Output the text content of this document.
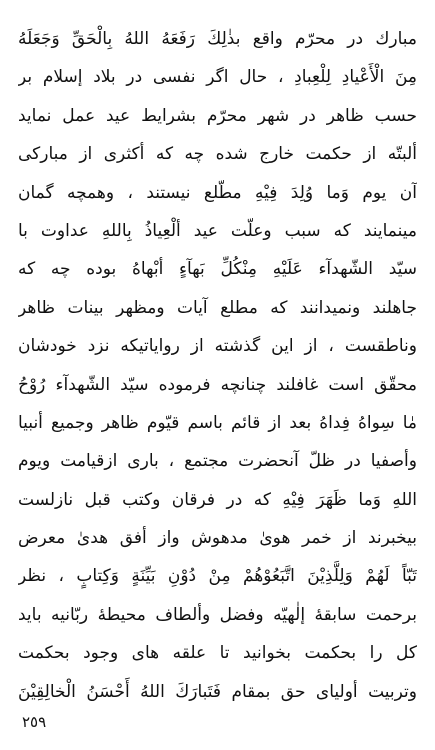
مبارك در محرّم واقع بذٰلِكَ رَفَعَهُ اللهُ بِالْحَقِّ وَجَعَلَهُ
مِنَ الْأَعْيادِ لِلْعِبادِ ، حال اگر نفسى در بلاد إسلام بر
حسب ظاهر در شهر محرّم بشرايط عيد عمل نمايد
ألبتّه از حكمت خارج شده چه كه أكثرى از مباركى
آن يوم وَما وُلِدَ فِيْهِ مطّلع نيستند ، وهمچه گمان
مينمايند كه سبب وعلّت عيد ألْعِياذُ بِاللهِ عداوت با
سيّد الشّهدآء عَلَيْهِ مِنْكُلِّ بَهآءٍ أبْهاهُ بوده چه كه
جاهلند ونميدانند كه مطلع آيات ومظهر بينات ظاهر
وناطقست ، از اين گذشته از رواياتيكه نزد خودشان
محقّق است غافلند چنانچه فرموده سيّد الشّهدآء رُوْحُ
مٰا سِواهُ فِداهُ بعد از قائم باسم قيّوم ظاهر وجميع أنبيا
وأصفيا در ظلّ آنحضرت مجتمع ، بارى ازقيامت ويوم
اللهِ وَما ظَهَرَ فِيْهِ كه در فرقان وكتب قبل نازلست
بيخبرند از خمر هوىٰ مدهوش واز أفق هدىٰ معرض
تَبّاً لَهُمْ وَلِلَّذِيْنَ اتَّبَعُوْهُمْ مِنْ دُوْنِ بَيِّنَةٍ وَكِتابٍ ، نظر
برحمت سابقهٔ إلٰهيّه وفضل وألطاف محيطهٔ ربّانيه بايد
كل را بحكمت بخوانيد تا علقه هاى وجود بحكمت
وتربيت أولياى حق بمقام فَتَبارَكَ اللهُ أَحْسَنُ الْخالِقِيْنَ
٢٥٩
